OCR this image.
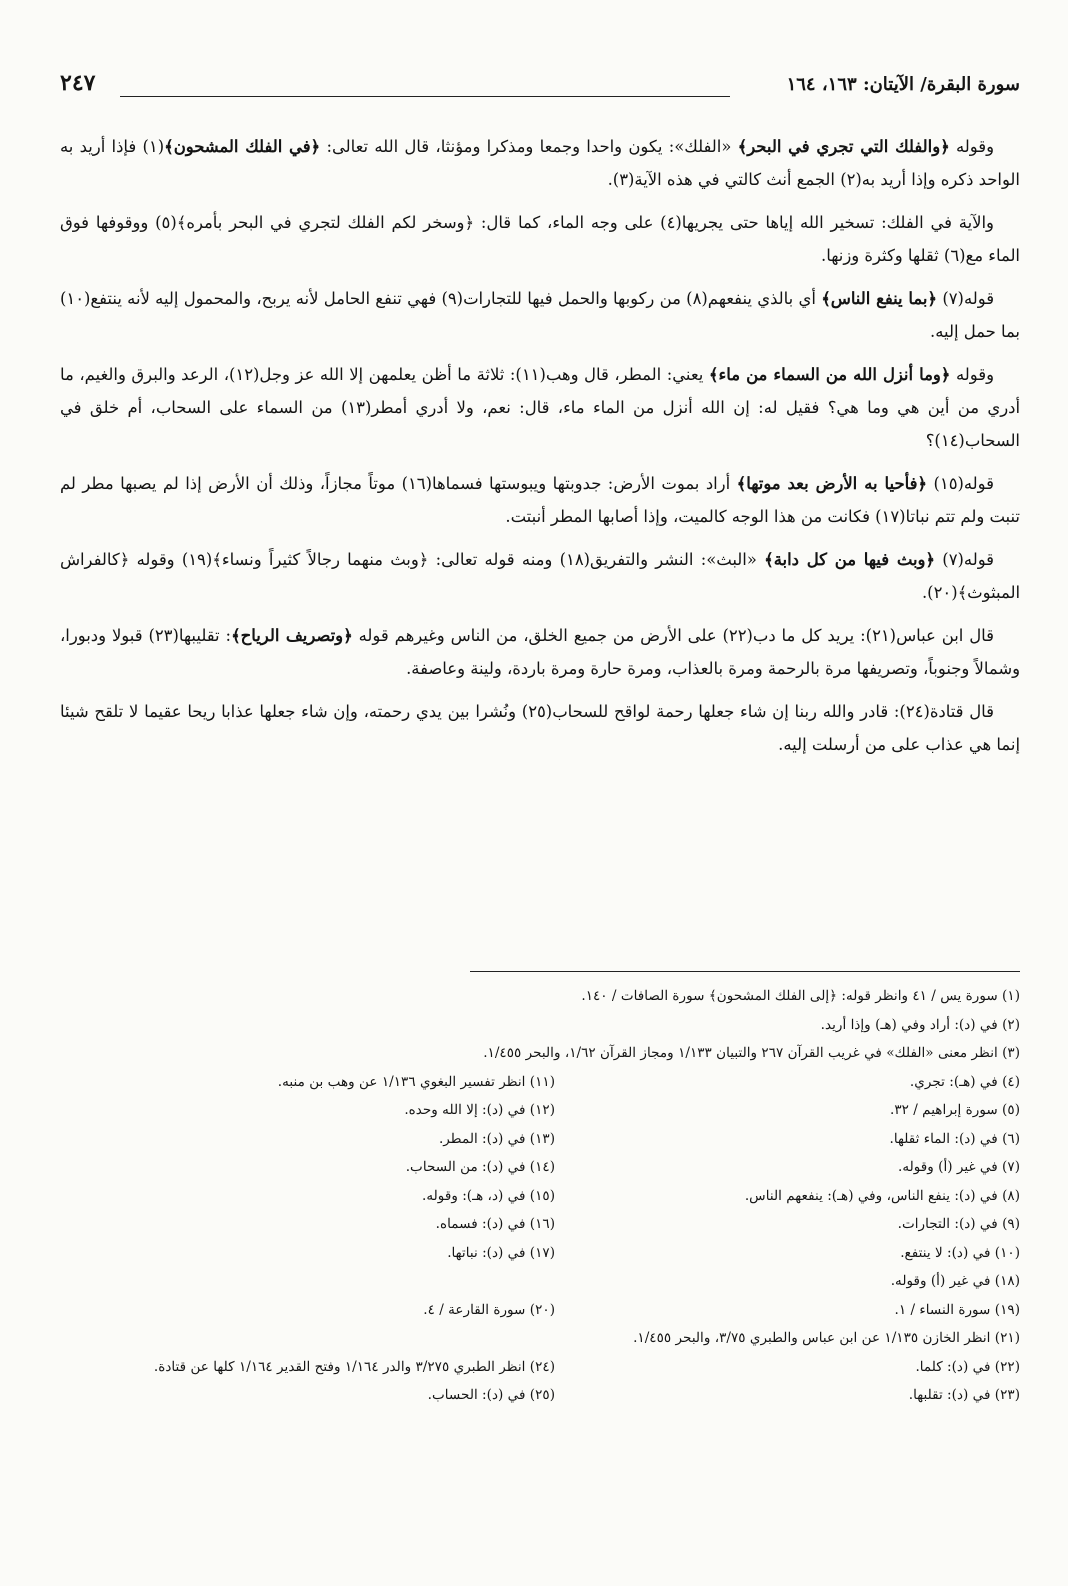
سورة البقرة/ الآيتان: ١٦٣، ١٦٤
٢٤٧

وقوله ﴿والفلك التي تجري في البحر﴾ «الفلك»: يكون واحدا وجمعا ومذكرا ومؤنثا، قال الله تعالى: ﴿في الفلك المشحون﴾(١) فإذا أريد به الواحد ذكره وإذا أريد به(٢) الجمع أنث كالتي في هذه الآية(٣).

والآية في الفلك: تسخير الله إياها حتى يجريها(٤) على وجه الماء، كما قال: ﴿وسخر لكم الفلك لتجري في البحر بأمره﴾(٥) ووقوفها فوق الماء مع(٦) ثقلها وكثرة وزنها.

قوله(٧) ﴿بما ينفع الناس﴾ أي بالذي ينفعهم(٨) من ركوبها والحمل فيها للتجارات(٩) فهي تنفع الحامل لأنه يربح، والمحمول إليه لأنه ينتفع(١٠) بما حمل إليه.

وقوله ﴿وما أنزل الله من السماء من ماء﴾ يعني: المطر، قال وهب(١١): ثلاثة ما أظن يعلمهن إلا الله عز وجل(١٢)، الرعد والبرق والغيم، ما أدري من أين هي وما هي؟ فقيل له: إن الله أنزل من الماء ماء، قال: نعم، ولا أدري أمطر(١٣) من السماء على السحاب، أم خلق في السحاب(١٤)؟

قوله(١٥) ﴿فأحيا به الأرض بعد موتها﴾ أراد بموت الأرض: جدوبتها ويبوستها فسماها(١٦) موتاً مجازاً، وذلك أن الأرض إذا لم يصبها مطر لم تنبت ولم تتم نباتا(١٧) فكانت من هذا الوجه كالميت، وإذا أصابها المطر أنبتت.

قوله(٧) ﴿وبث فيها من كل دابة﴾ «البث»: النشر والتفريق(١٨) ومنه قوله تعالى: ﴿وبث منهما رجالاً كثيراً ونساء﴾(١٩) وقوله ﴿كالفراش المبثوث﴾(٢٠).

قال ابن عباس(٢١): يريد كل ما دب(٢٢) على الأرض من جميع الخلق، من الناس وغيرهم قوله ﴿وتصريف الرياح﴾: تقليبها(٢٣) قبولا ودبورا، وشمالاً وجنوباً، وتصريفها مرة بالرحمة ومرة بالعذاب، ومرة حارة ومرة باردة، ولينة وعاصفة.

قال قتادة(٢٤): قادر والله ربنا إن شاء جعلها رحمة لواقح للسحاب(٢٥) ونُشرا بين يدي رحمته، وإن شاء جعلها عذابا ريحا عقيما لا تلقح شيئا إنما هي عذاب على من أرسلت إليه.

(١) سورة يس / ٤١ وانظر قوله: ﴿إلى الفلك المشحون﴾ سورة الصافات / ١٤٠.

(٢) في (د): أراد وفي (هـ) وإذا أريد.

(٣) انظر معنى «الفلك» في غريب القرآن ٢٦٧ والتبيان ١/١٣٣ ومجاز القرآن ١/٦٢، والبحر ١/٤٥٥.

(٤) في (هـ): تجري.
(١١) انظر تفسير البغوي ١/١٣٦ عن وهب بن منبه.
(٥) سورة إبراهيم / ٣٢.
(١٢) في (د): إلا الله وحده.
(٦) في (د): الماء ثقلها.
(١٣) في (د): المطر.
(٧) في غير (أ) وقوله.
(١٤) في (د): من السحاب.
(٨) في (د): ينفع الناس، وفي (هـ): ينفعهم الناس.
(١٥) في (د، هـ): وقوله.
(٩) في (د): التجارات.
(١٦) في (د): فسماه.
(١٠) في (د): لا ينتفع.
(١٧) في (د): نباتها.

(١٨) في غير (أ) وقوله.

(١٩) سورة النساء / ١.
(٢٠) سورة القارعة / ٤.

(٢١) انظر الخازن ١/١٣٥ عن ابن عباس والطبري ٣/٧٥، والبحر ١/٤٥٥.

(٢٢) في (د): كلما.
(٢٤) انظر الطبري ٣/٢٧٥ والدر ١/١٦٤ وفتح القدير ١/١٦٤ كلها عن قتادة.
(٢٣) في (د): تقلبها.
(٢٥) في (د): الحساب.
